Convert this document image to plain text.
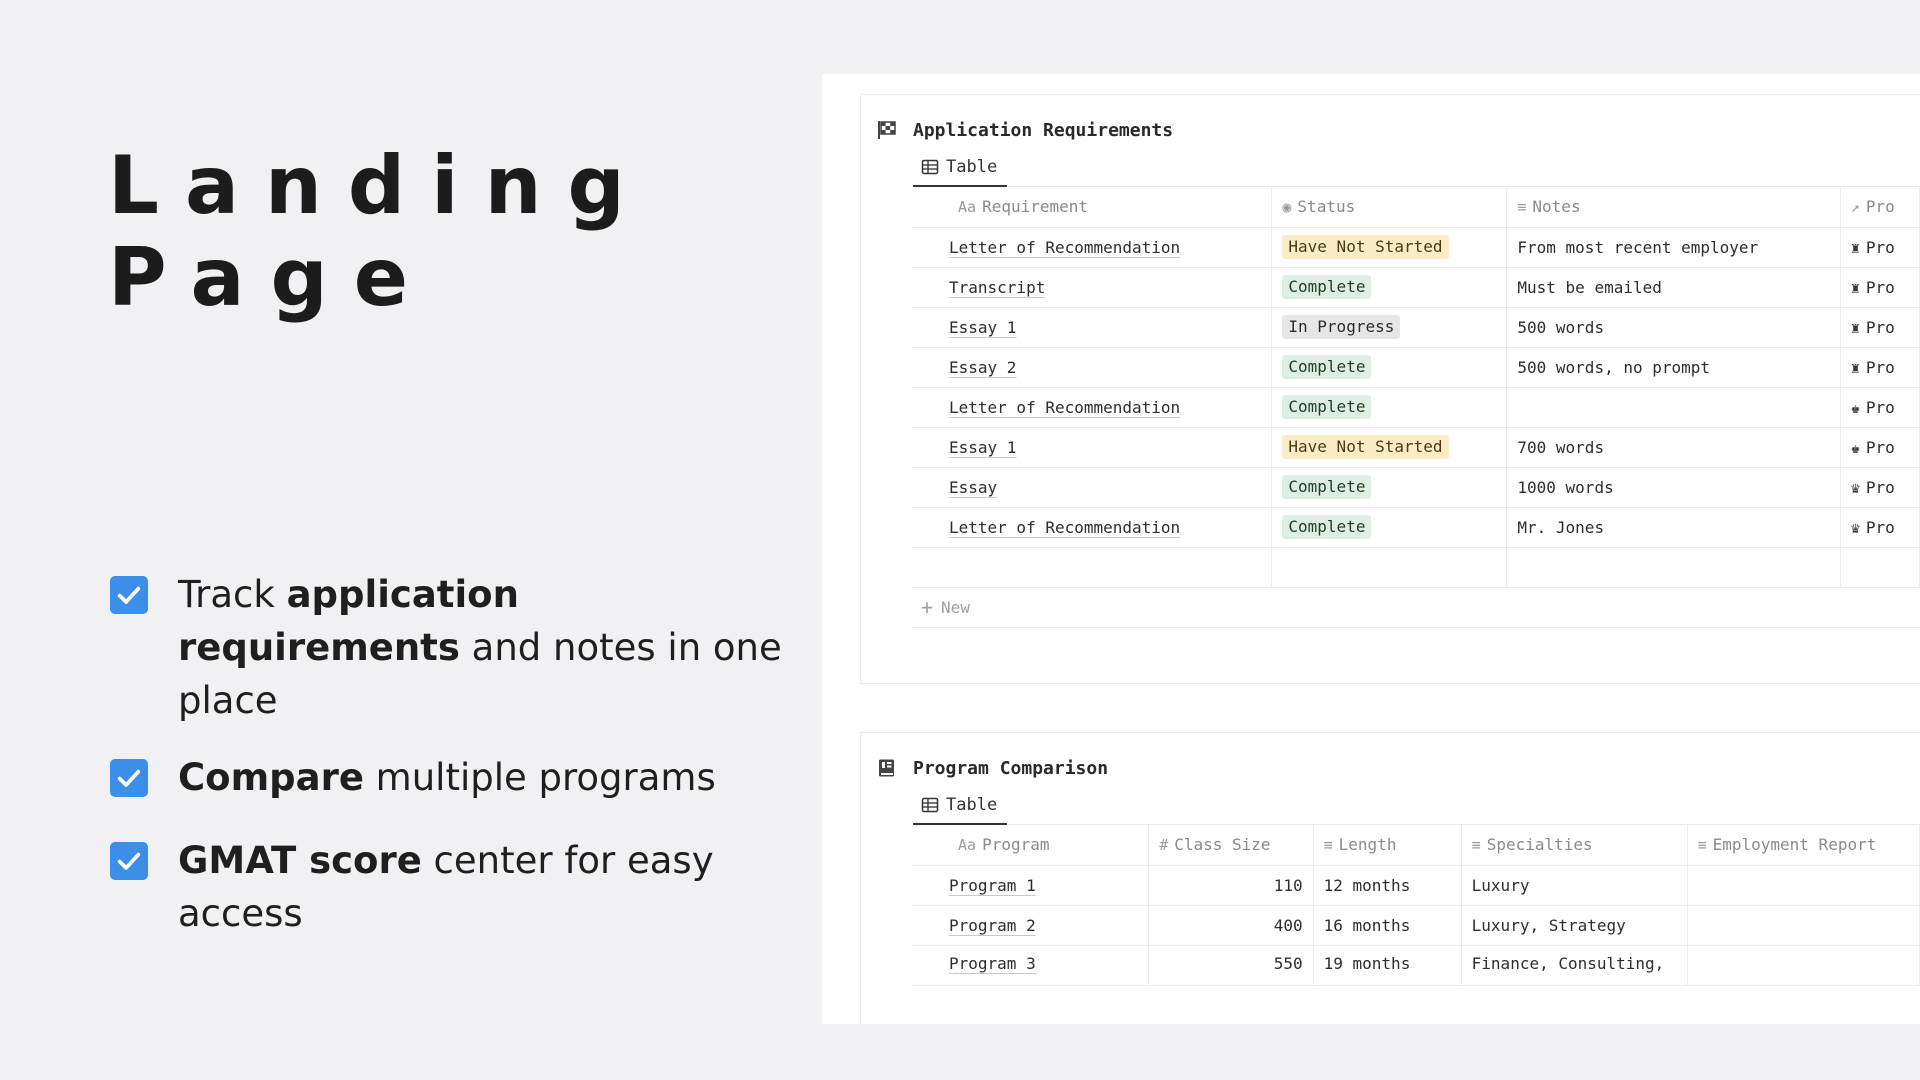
Landing
Page
Track application requirements and notes in one place
Compare multiple programs
GMAT score center for easy access
Application Requirements
Table
Aa Requirement	◉ Status	≡ Notes	↗ Pro
Letter of Recommendation	Have Not Started	From most recent employer	♜ Pro
Transcript	Complete	Must be emailed	♜ Pro
Essay 1	In Progress	500 words	♜ Pro
Essay 2	Complete	500 words, no prompt	♜ Pro
Letter of Recommendation	Complete		♚ Pro
Essay 1	Have Not Started	700 words	♚ Pro
Essay	Complete	1000 words	♛ Pro
Letter of Recommendation	Complete	Mr. Jones	♛ Pro

+ New
Program Comparison
Table
Aa Program	# Class Size	≡ Length	≡ Specialties	≡ Employment Report
Program 1	110	12 months	Luxury	
Program 2	400	16 months	Luxury, Strategy	
Program 3	550	19 months	Finance, Consulting,	
